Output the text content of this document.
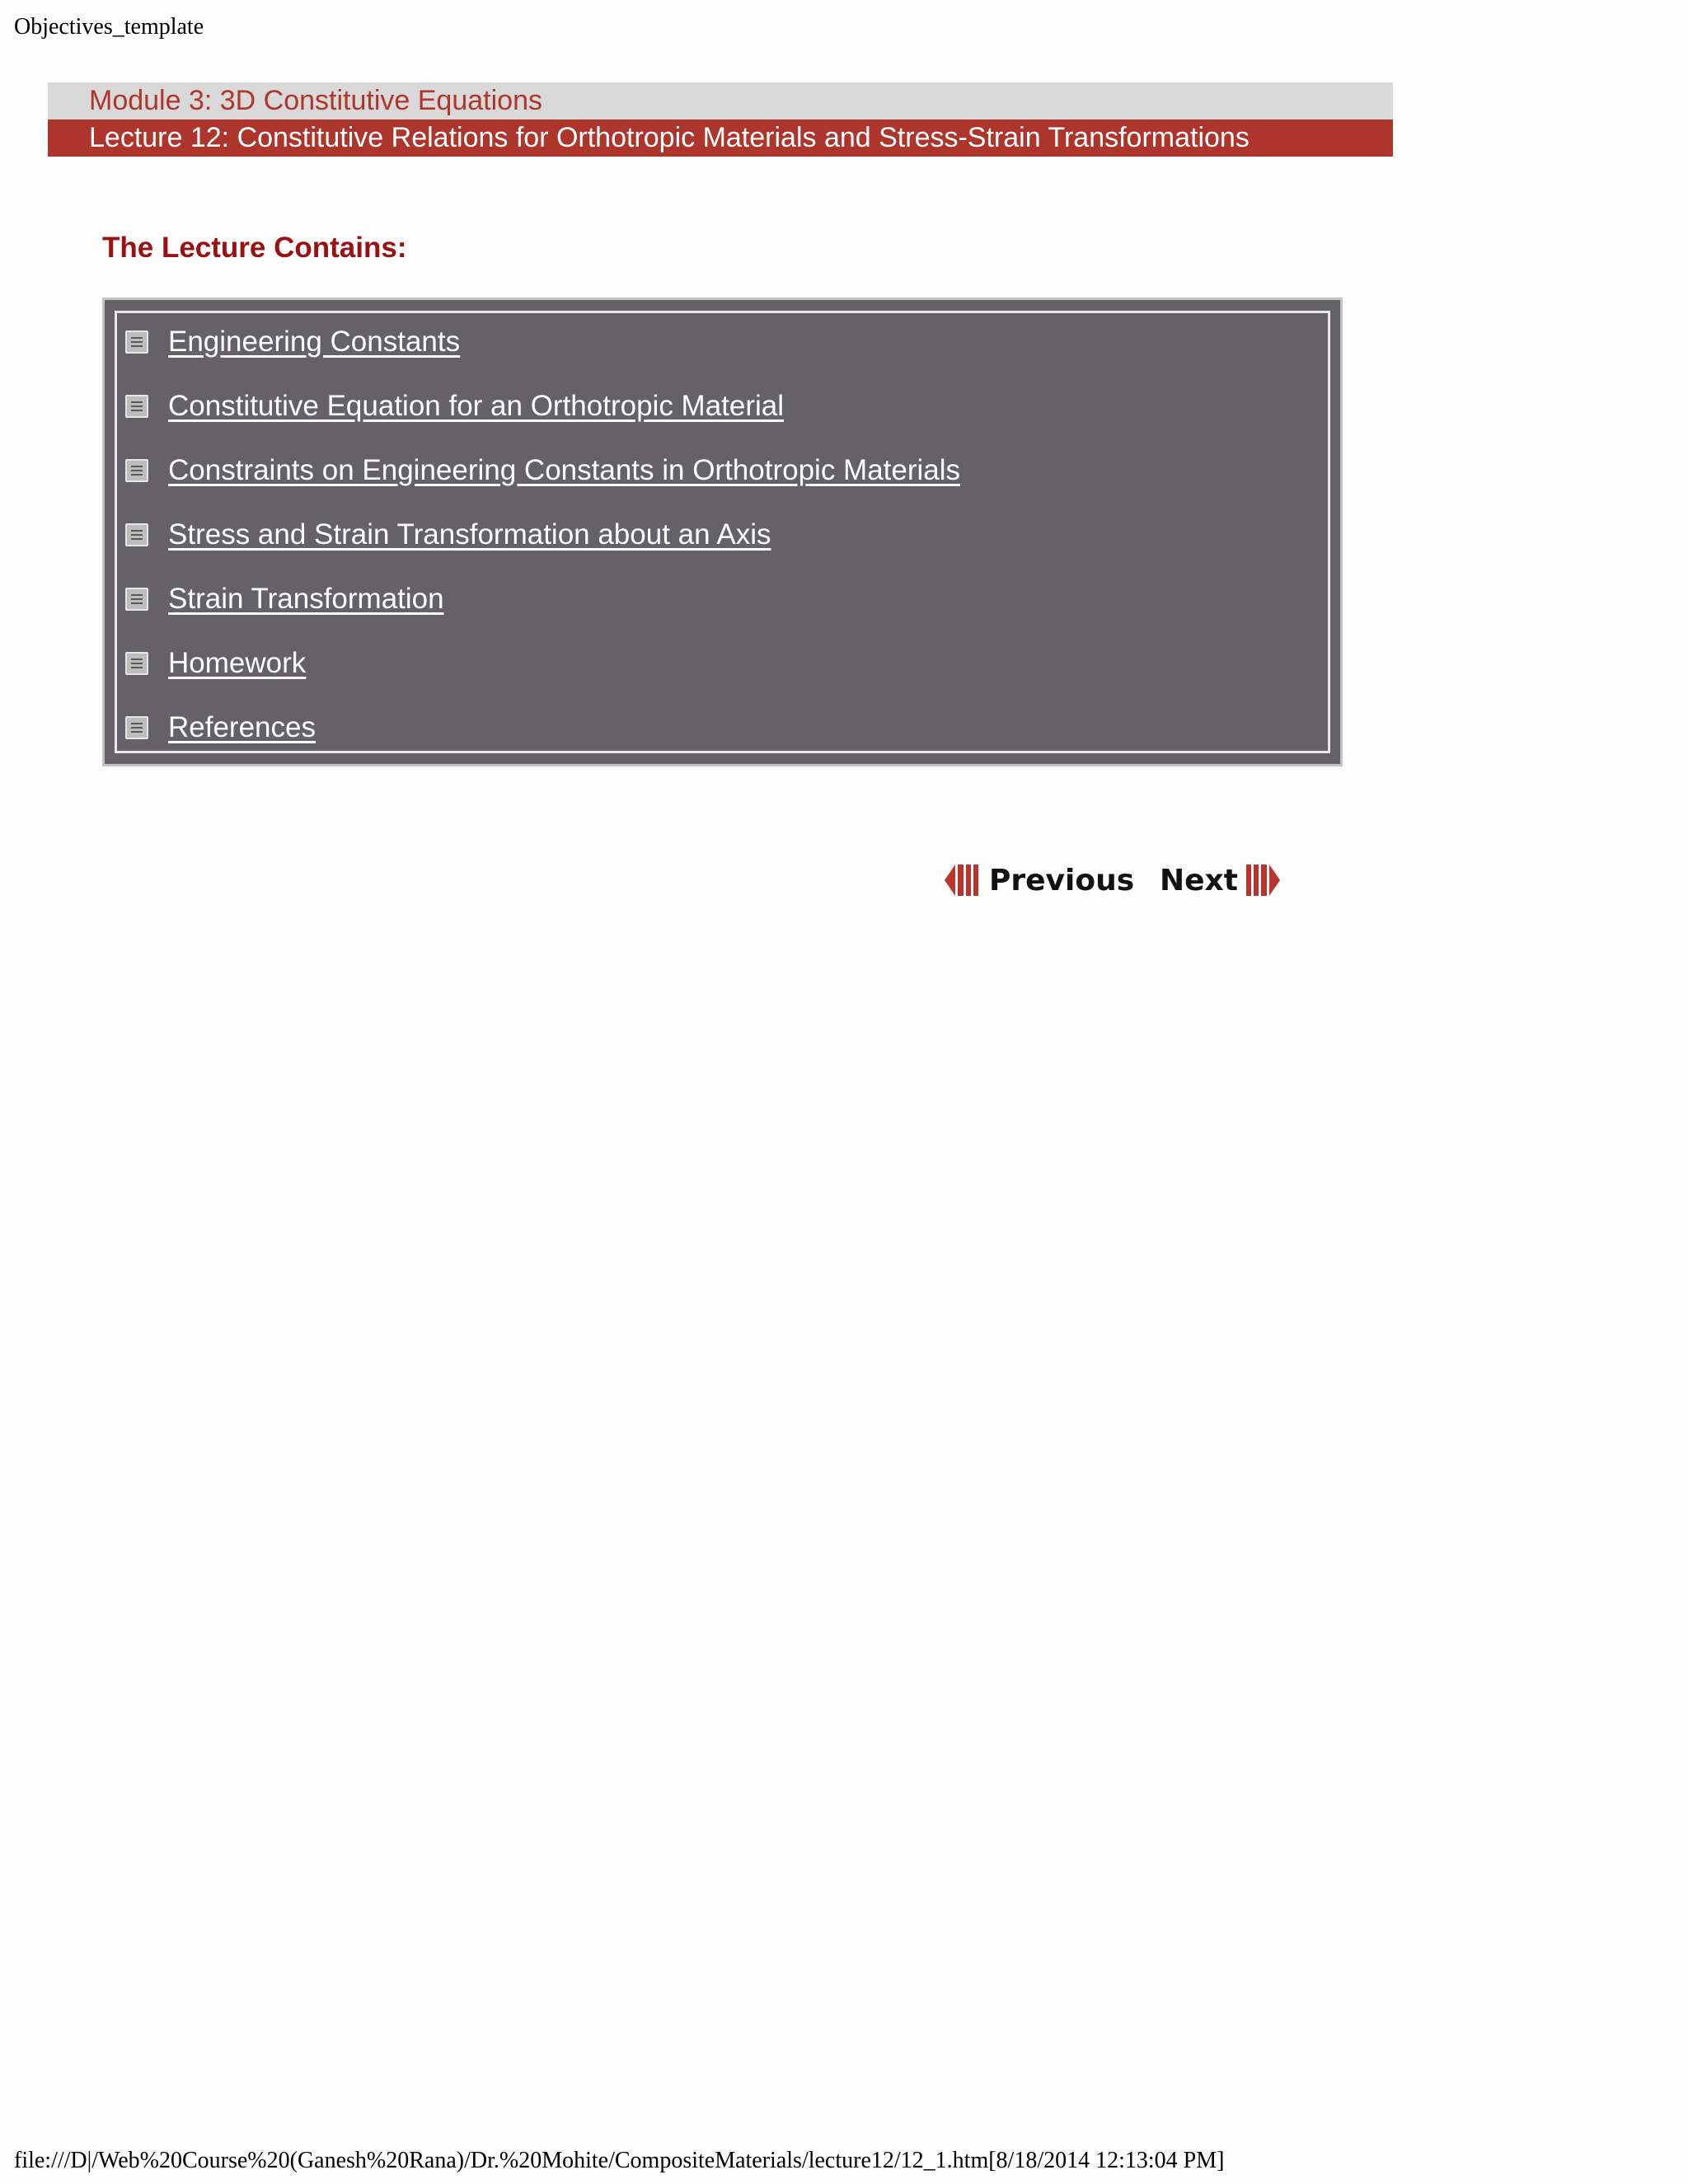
Objectives_template
Module 3: 3D Constitutive Equations
Lecture 12: Constitutive Relations for Orthotropic Materials and Stress-Strain Transformations
The Lecture Contains:
Engineering Constants
Constitutive Equation for an Orthotropic Material
Constraints on Engineering Constants in Orthotropic Materials
Stress and Strain Transformation about an Axis
Strain Transformation
Homework
References
Previous Next
file:///D|/Web%20Course%20(Ganesh%20Rana)/Dr.%20Mohite/CompositeMaterials/lecture12/12_1.htm[8/18/2014 12:13:04 PM]
